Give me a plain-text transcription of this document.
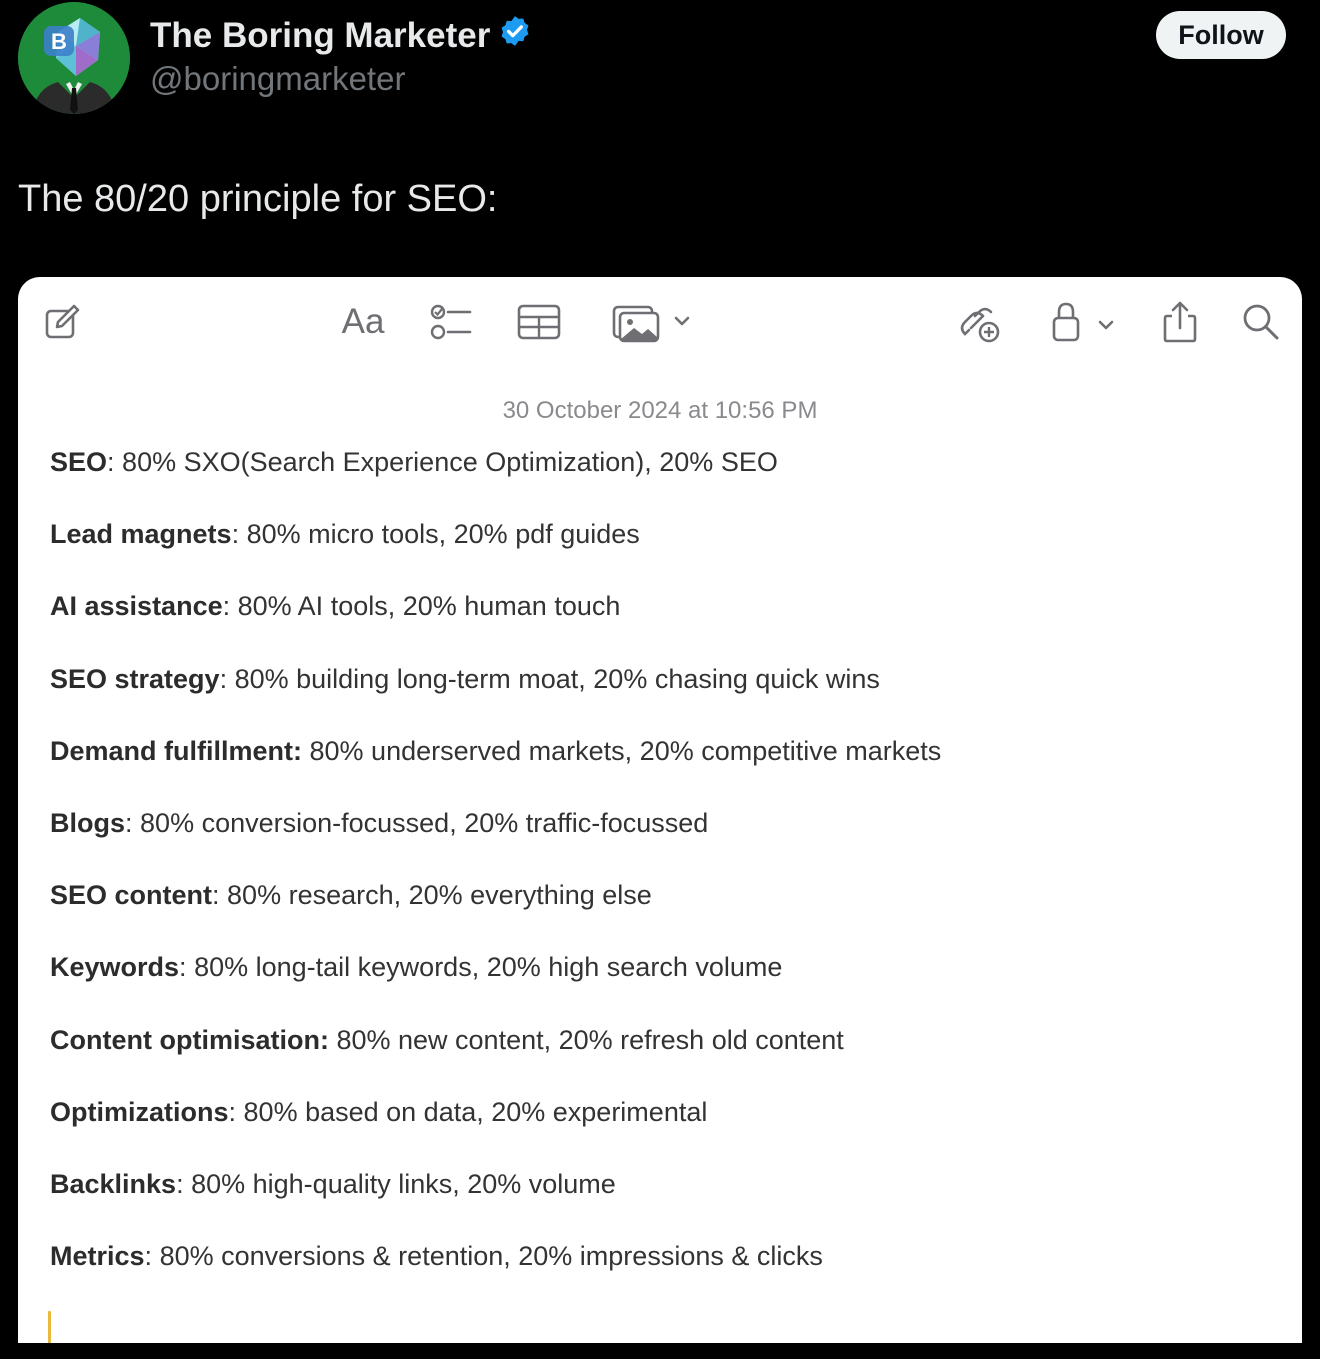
B The Boring Marketer
@boringmarketer
Follow
The 80/20 principle for SEO:
Aa
30 October 2024 at 10:56 PM
SEO: 80% SXO(Search Experience Optimization), 20% SEO
Lead magnets: 80% micro tools, 20% pdf guides
AI assistance: 80% AI tools, 20% human touch
SEO strategy: 80% building long-term moat, 20% chasing quick wins
Demand fulfillment: 80% underserved markets, 20% competitive markets
Blogs: 80% conversion-focussed, 20% traffic-focussed
SEO content: 80% research, 20% everything else
Keywords: 80% long-tail keywords, 20% high search volume
Content optimisation: 80% new content, 20% refresh old content
Optimizations: 80% based on data, 20% experimental
Backlinks: 80% high-quality links, 20% volume
Metrics: 80% conversions & retention, 20% impressions & clicks
